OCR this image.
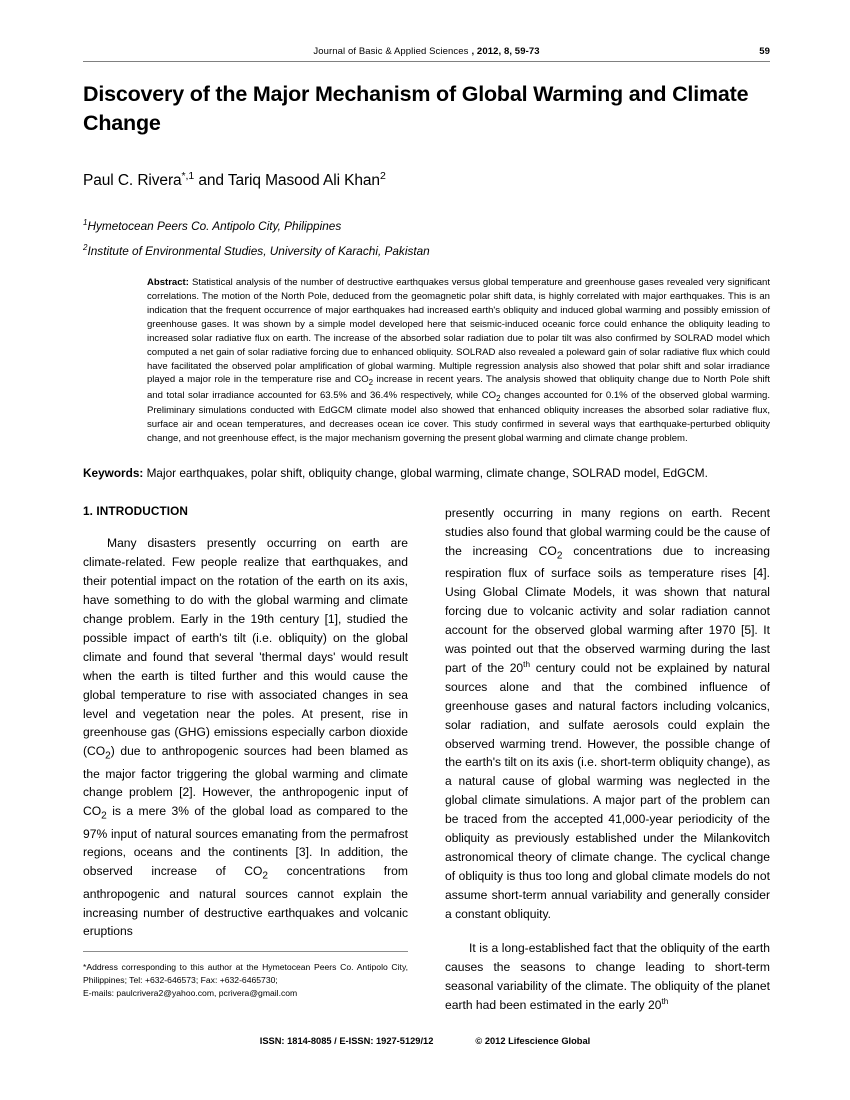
Journal of Basic & Applied Sciences , 2012, 8, 59-73	59
Discovery of the Major Mechanism of Global Warming and Climate Change
Paul C. Rivera$^{*,1}$ and Tariq Masood Ali Khan$^2$
$^1$Hymetocean Peers Co. Antipolo City, Philippines
$^2$Institute of Environmental Studies, University of Karachi, Pakistan

Abstract: Statistical analysis of the number of destructive earthquakes versus global temperature and greenhouse gases revealed very significant correlations. The motion of the North Pole, deduced from the geomagnetic polar shift data, is highly correlated with major earthquakes. This is an indication that the frequent occurrence of major earthquakes had increased earth's obliquity and induced global warming and possibly emission of greenhouse gases. It was shown by a simple model developed here that seismic-induced oceanic force could enhance the obliquity leading to increased solar radiative flux on earth. The increase of the absorbed solar radiation due to polar tilt was also confirmed by SOLRAD model which computed a net gain of solar radiative forcing due to enhanced obliquity. SOLRAD also revealed a poleward gain of solar radiative flux which could have facilitated the observed polar amplification of global warming. Multiple regression analysis also showed that polar shift and solar irradiance played a major role in the temperature rise and $CO_2$ increase in recent years. The analysis showed that obliquity change due to North Pole shift and total solar irradiance accounted for 63.5% and 36.4% respectively, while $CO_2$ changes accounted for 0.1% of the observed global warming. Preliminary simulations conducted with EdGCM climate model also showed that enhanced obliquity increases the absorbed solar radiative flux, surface air and ocean temperatures, and decreases ocean ice cover. This study confirmed in several ways that earthquake-perturbed obliquity change, and not greenhouse effect, is the major mechanism governing the present global warming and climate change problem.

Keywords: Major earthquakes, polar shift, obliquity change, global warming, climate change, SOLRAD model, EdGCM.
1. INTRODUCTION

Many disasters presently occurring on earth are climate-related. Few people realize that earthquakes, and their potential impact on the rotation of the earth on its axis, have something to do with the global warming and climate change problem. Early in the 19th century [1], studied the possible impact of earth's tilt (i.e. obliquity) on the global climate and found that several 'thermal days' would result when the earth is tilted further and this would cause the global temperature to rise with associated changes in sea level and vegetation near the poles. At present, rise in greenhouse gas (GHG) emissions especially carbon dioxide $(CO_2)$ due to anthropogenic sources had been blamed as the major factor triggering the global warming and climate change problem [2]. However, the anthropogenic input of $CO_2$ is a mere 3% of the global load as compared to the 97% input of natural sources emanating from the permafrost regions, oceans and the continents [3]. In addition, the observed increase of $CO_2$ concentrations from anthropogenic and natural sources cannot explain the increasing number of destructive earthquakes and volcanic eruptions

presently occurring in many regions on earth. Recent studies also found that global warming could be the cause of the increasing $CO_2$ concentrations due to increasing respiration flux of surface soils as temperature rises [4]. Using Global Climate Models, it was shown that natural forcing due to volcanic activity and solar radiation cannot account for the observed global warming after 1970 [5]. It was pointed out that the observed warming during the last part of the 20th century could not be explained by natural sources alone and that the combined influence of greenhouse gases and natural factors including volcanics, solar radiation, and sulfate aerosols could explain the observed warming trend. However, the possible change of the earth's tilt on its axis (i.e. short-term obliquity change), as a natural cause of global warming was neglected in the global climate simulations. A major part of the problem can be traced from the accepted 41,000-year periodicity of the obliquity as previously established under the Milankovitch astronomical theory of climate change. The cyclical change of obliquity is thus too long and global climate models do not assume short-term annual variability and generally consider a constant obliquity.

It is a long-established fact that the obliquity of the earth causes the seasons to change leading to short-term seasonal variability of the climate. The obliquity of the planet earth had been estimated in the early 20th

*Address corresponding to this author at the Hymetocean Peers Co. Antipolo City, Philippines; Tel: +632-646573; Fax: +632-6465730;

E-mails: paulcrivera2@yahoo.com, pcrivera@gmail.com

ISSN: 1814-8085 / E-ISSN: 1927-5129/12	© 2012 Lifescience Global
